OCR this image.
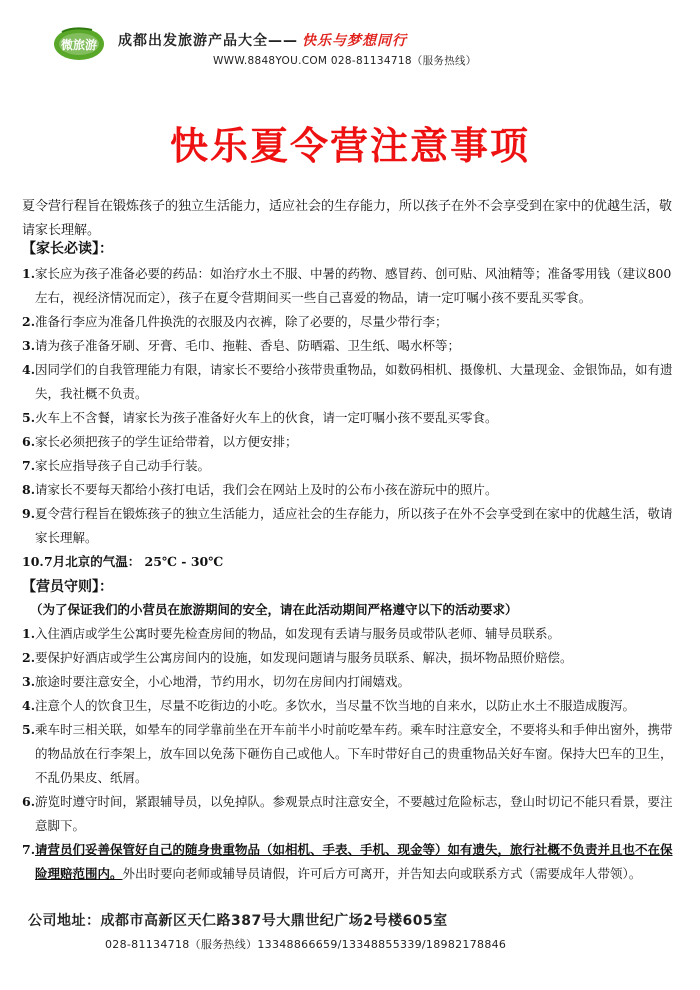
微旅游 成都出发旅游产品大全—— 快乐与梦想同行
WWW.8848YOU.COM 028-81134718（服务热线）
快乐夏令营注意事项
夏令营行程旨在锻炼孩子的独立生活能力，适应社会的生存能力，所以孩子在外不会享受到在家中的优越生活，敬请家长理解。
【家长必读】：
1. 家长应为孩子准备必要的药品：如治疗水土不服、中暑的药物、感冒药、创可贴、风油精等；准备零用钱（建议800左右，视经济情况而定），孩子在夏令营期间买一些自己喜爱的物品，请一定叮嘱小孩不要乱买零食。
2. 准备行李应为准备几件换洗的衣服及内衣裤，除了必要的，尽量少带行李；
3. 请为孩子准备牙刷、牙膏、毛巾、拖鞋、香皂、防晒霜、卫生纸、喝水杯等；
4. 因同学们的自我管理能力有限，请家长不要给小孩带贵重物品，如数码相机、摄像机、大量现金、金银饰品，如有遗失，我社概不负责。
5. 火车上不含餐，请家长为孩子准备好火车上的伙食，请一定叮嘱小孩不要乱买零食。
6. 家长必须把孩子的学生证给带着，以方便安排；
7. 家长应指导孩子自己动手行装。
8. 请家长不要每天都给小孩打电话，我们会在网站上及时的公布小孩在游玩中的照片。
9. 夏令营行程旨在锻炼孩子的独立生活能力，适应社会的生存能力，所以孩子在外不会享受到在家中的优越生活，敬请家长理解。
10. 7月北京的气温： 25℃ - 30℃
【营员守则】：
（为了保证我们的小营员在旅游期间的安全，请在此活动期间严格遵守以下的活动要求）
1. 入住酒店或学生公寓时要先检查房间的物品，如发现有丢请与服务员或带队老师、辅导员联系。
2. 要保护好酒店或学生公寓房间内的设施，如发现问题请与服务员联系、解决，损坏物品照价赔偿。
3. 旅途时要注意安全，小心地滑，节约用水，切勿在房间内打闹嬉戏。
4. 注意个人的饮食卫生，尽量不吃街边的小吃。多饮水，当尽量不饮当地的自来水，以防止水土不服造成腹泻。
5. 乘车时三相关联，如晕车的同学靠前坐在开车前半小时前吃晕车药。乘车时注意安全，不要将头和手伸出窗外，携带的物品放在行李架上，放车回以免荡下砸伤自己或他人。下车时带好自己的贵重物品关好车窗。保持大巴车的卫生，不乱仍果皮、纸屑。
6. 游览时遵守时间，紧跟辅导员，以免掉队。参观景点时注意安全，不要越过危险标志，登山时切记不能只看景，要注意脚下。
7. 请营员们妥善保管好自己的随身贵重物品（如相机、手表、手机、现金等）如有遗失，旅行社概不负责并且也不在保险理赔范围内。外出时要向老师或辅导员请假，许可后方可离开，并告知去向或联系方式（需要成年人带领）。
公司地址：成都市高新区天仁路387号大鼎世纪广场2号楼605室
028-81134718（服务热线）13348866659/13348855339/18982178846
